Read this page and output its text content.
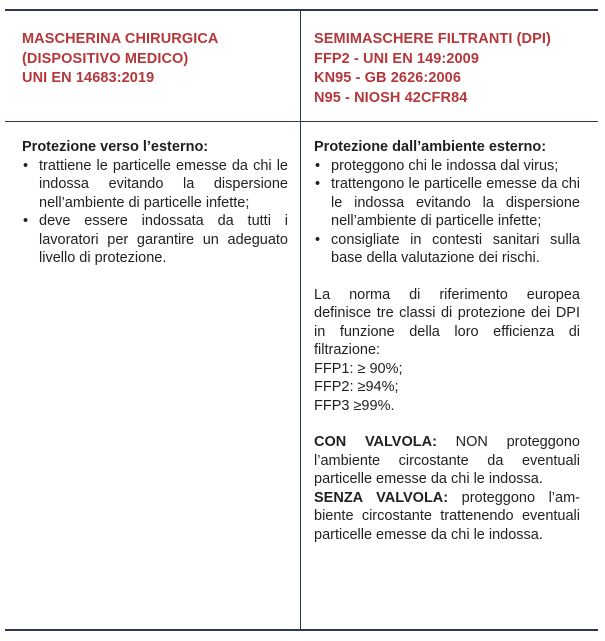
MASCHERINA CHIRURGICA
(DISPOSITIVO MEDICO)
UNI EN 14683:2019
SEMIMASCHERE FILTRANTI (DPI)
FFP2 - UNI EN 149:2009
KN95 - GB 2626:2006
N95 - NIOSH 42CFR84
Protezione verso l’esterno:
• trattiene le particelle emesse da chi le indossa evitando la dispersione nell’ambiente di particelle infette;
• deve essere indossata da tutti i lavoratori per garantire un adeguato livello di protezione.
Protezione dall’ambiente esterno:
• proteggono chi le indossa dal virus;
• trattengono le particelle emesse da chi le indossa evitando la dispersione nell’ambiente di particelle infette;
• consigliate in contesti sanitari sulla base della valutazione dei rischi.

La norma di riferimento europea definisce tre classi di protezione dei DPI in funzione della loro efficienza di filtrazione:

FFP1: ≥ 90%;
FFP2: ≥94%;
FFP3 ≥99%.

CON VALVOLA: NON proteggono l’ambiente circostante da eventuali particelle emesse da chi le indossa.

SENZA VALVOLA: proteggono l’ambiente circostante trattenendo eventuali particelle emesse da chi le indossa.
